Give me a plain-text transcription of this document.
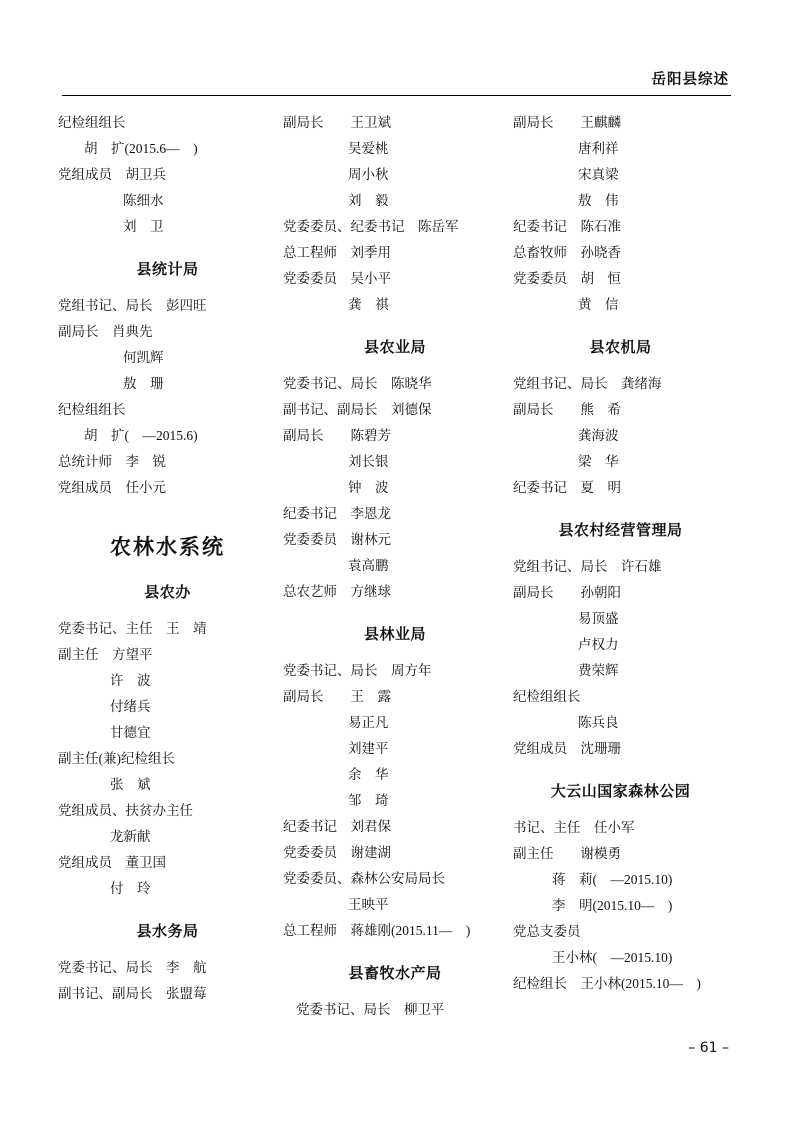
岳阳县综述
纪检组组长
胡　扩(2015.6—　)
党组成员　 胡卫兵
陈细水
刘　卫
县统计局
党组书记、局长　 彭四旺
副局长　 肖典先
何凯辉
敖　珊
纪检组组长
胡　扩(　—2015.6)
总统计师　 李　锐
党组成员　 任小元
农林水系统
县农办
党委书记、主任　 王　靖
副主任　 方望平
许　波
付绪兵
甘德宜
副主任(兼)纪检组长
张　斌
党组成员、扶贫办主任
龙新献
党组成员　 董卫国
付　玲
县水务局
党委书记、局长　 李　航
副书记、副局长　 张盟莓
副局长　　 王卫斌
吴爱桃
周小秋
刘　毅
党委委员、纪委书记　 陈岳军
总工程师　 刘季用
党委委员　 吴小平
龚　祺
县农业局
党委书记、局长　 陈晓华
副书记、副局长　 刘德保
副局长　　 陈碧芳
刘长银
钟　波
纪委书记　 李恩龙
党委委员　 谢林元
袁高鹏
总农艺师　 方继球
县林业局
党委书记、局长　 周方年
副局长　　 王　露
易正凡
刘建平
余　华
邹　琦
纪委书记　 刘君保
党委委员　 谢建湖
党委委员、森林公安局局长
王映平
总工程师　 蒋雄刚(2015.11—　)
县畜牧水产局
党委书记、局长　 柳卫平
副局长　　 王麒麟
唐利祥
宋真梁
敖　伟
纪委书记　 陈石准
总畜牧师　 孙晓香
党委委员　 胡　恒
黄　信
县农机局
党组书记、局长　 龚绪海
副局长　　 熊　希
龚海波
梁　华
纪委书记　 夏　明
县农村经营管理局
党组书记、局长　 许石雄
副局长　　 孙朝阳
易顶盛
卢权力
费荣辉
纪检组组长
陈兵良
党组成员　 沈珊珊
大云山国家森林公园
书记、主任　 任小军
副主任　　 谢模勇
蒋　莉(　—2015.10)
李　明(2015.10—　)
党总支委员
王小林(　—2015.10)
纪检组长　 王小林(2015.10—　)
– 61 –
